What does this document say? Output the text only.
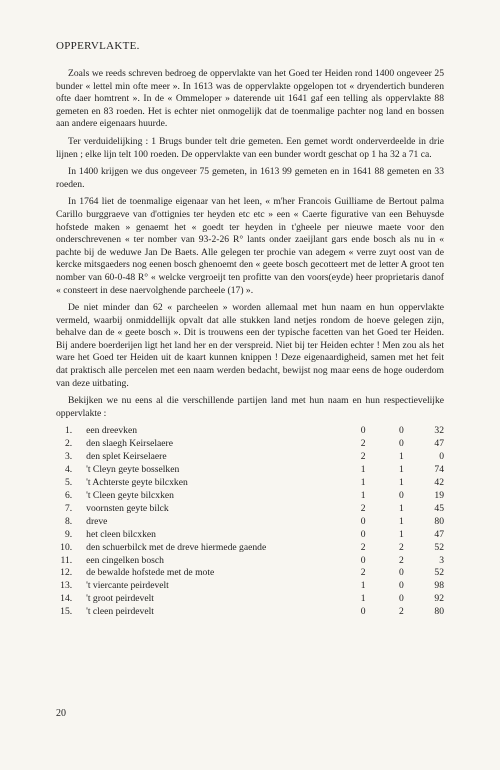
OPPERVLAKTE.

Zoals we reeds schreven bedroeg de oppervlakte van het Goed ter Heiden rond 1400 ongeveer 25 bunder « lettel min ofte meer ». In 1613 was de oppervlakte opgelopen tot « dryendertich bunderen ofte daer homtrent ». In de « Ommeloper » daterende uit 1641 gaf een telling als oppervlakte 88 gemeten en 83 roeden. Het is echter niet onmogelijk dat de toenmalige pachter nog land en bossen aan andere eigenaars huurde.

Ter verduidelijking : 1 Brugs bunder telt drie gemeten. Een gemet wordt onderverdeelde in drie lijnen ; elke lijn telt 100 roeden. De oppervlakte van een bunder wordt geschat op 1 ha 32 a 71 ca.

In 1400 krijgen we dus ongeveer 75 gemeten, in 1613 99 gemeten en in 1641 88 gemeten en 33 roeden.

In 1764 liet de toenmalige eigenaar van het leen, « m'her Francois Guilliame de Bertout palma Carillo burggraeve van d'ottignies ter heyden etc etc » een « Caerte figurative van een Behuysde hofstede maken » genaemt het « goedt ter heyden in t'gheele per nieuwe maete voor den onderschrevenen « ter nomber van 93-2-26 R° lants onder zaeijlant gars ende bosch als nu in « pachte bij de weduwe Jan De Baets. Alle gelegen ter prochie van adegem « verre zuyt oost van de kercke mitsgaeders nog eenen bosch ghenoemt den « geete bosch gecotteert met de letter A groot ten nomber van 60-0-48 R° « welcke vergroeijt ten profitte van den voors(eyde) heer proprietaris danof « consteert in dese naervolghende parcheele (17) ».

De niet minder dan 62 « parcheelen » worden allemaal met hun naam en hun oppervlakte vermeld, waarbij onmiddellijk opvalt dat alle stukken land netjes rondom de hoeve gelegen zijn, behalve dan de « geete bosch ». Dit is trouwens een der typische facetten van het Goed ter Heiden. Bij andere boerderijen ligt het land her en der verspreid. Niet bij ter Heiden echter ! Men zou als het ware het Goed ter Heiden uit de kaart kunnen knippen ! Deze eigenaardigheid, samen met het feit dat praktisch alle percelen met een naam werden bedacht, bewijst nog maar eens de hoge ouderdom van deze uitbating.

Bekijken we nu eens al die verschillende partijen land met hun naam en hun respectievelijke oppervlakte :

1.	een dreevken	0	0	32
2.	den slaegh Keirselaere	2	0	47
3.	den splet Keirselaere	2	1	0
4.	't Cleyn geyte bosselken	1	1	74
5.	't Achterste geyte bilcxken	1	1	42
6.	't Cleen geyte bilcxken	1	0	19
7.	voornsten geyte bilck	2	1	45
8.	dreve	0	1	80
9.	het cleen bilcxken	0	1	47
10.	den schuerbilck met de dreve hiermede gaende	2	2	52
11.	een cingelken bosch	0	2	3
12.	de bewalde hofstede met de mote	2	0	52
13.	't viercante peirdevelt	1	0	98
14.	't groot peirdevelt	1	0	92
15.	't cleen peirdevelt	0	2	80
20
